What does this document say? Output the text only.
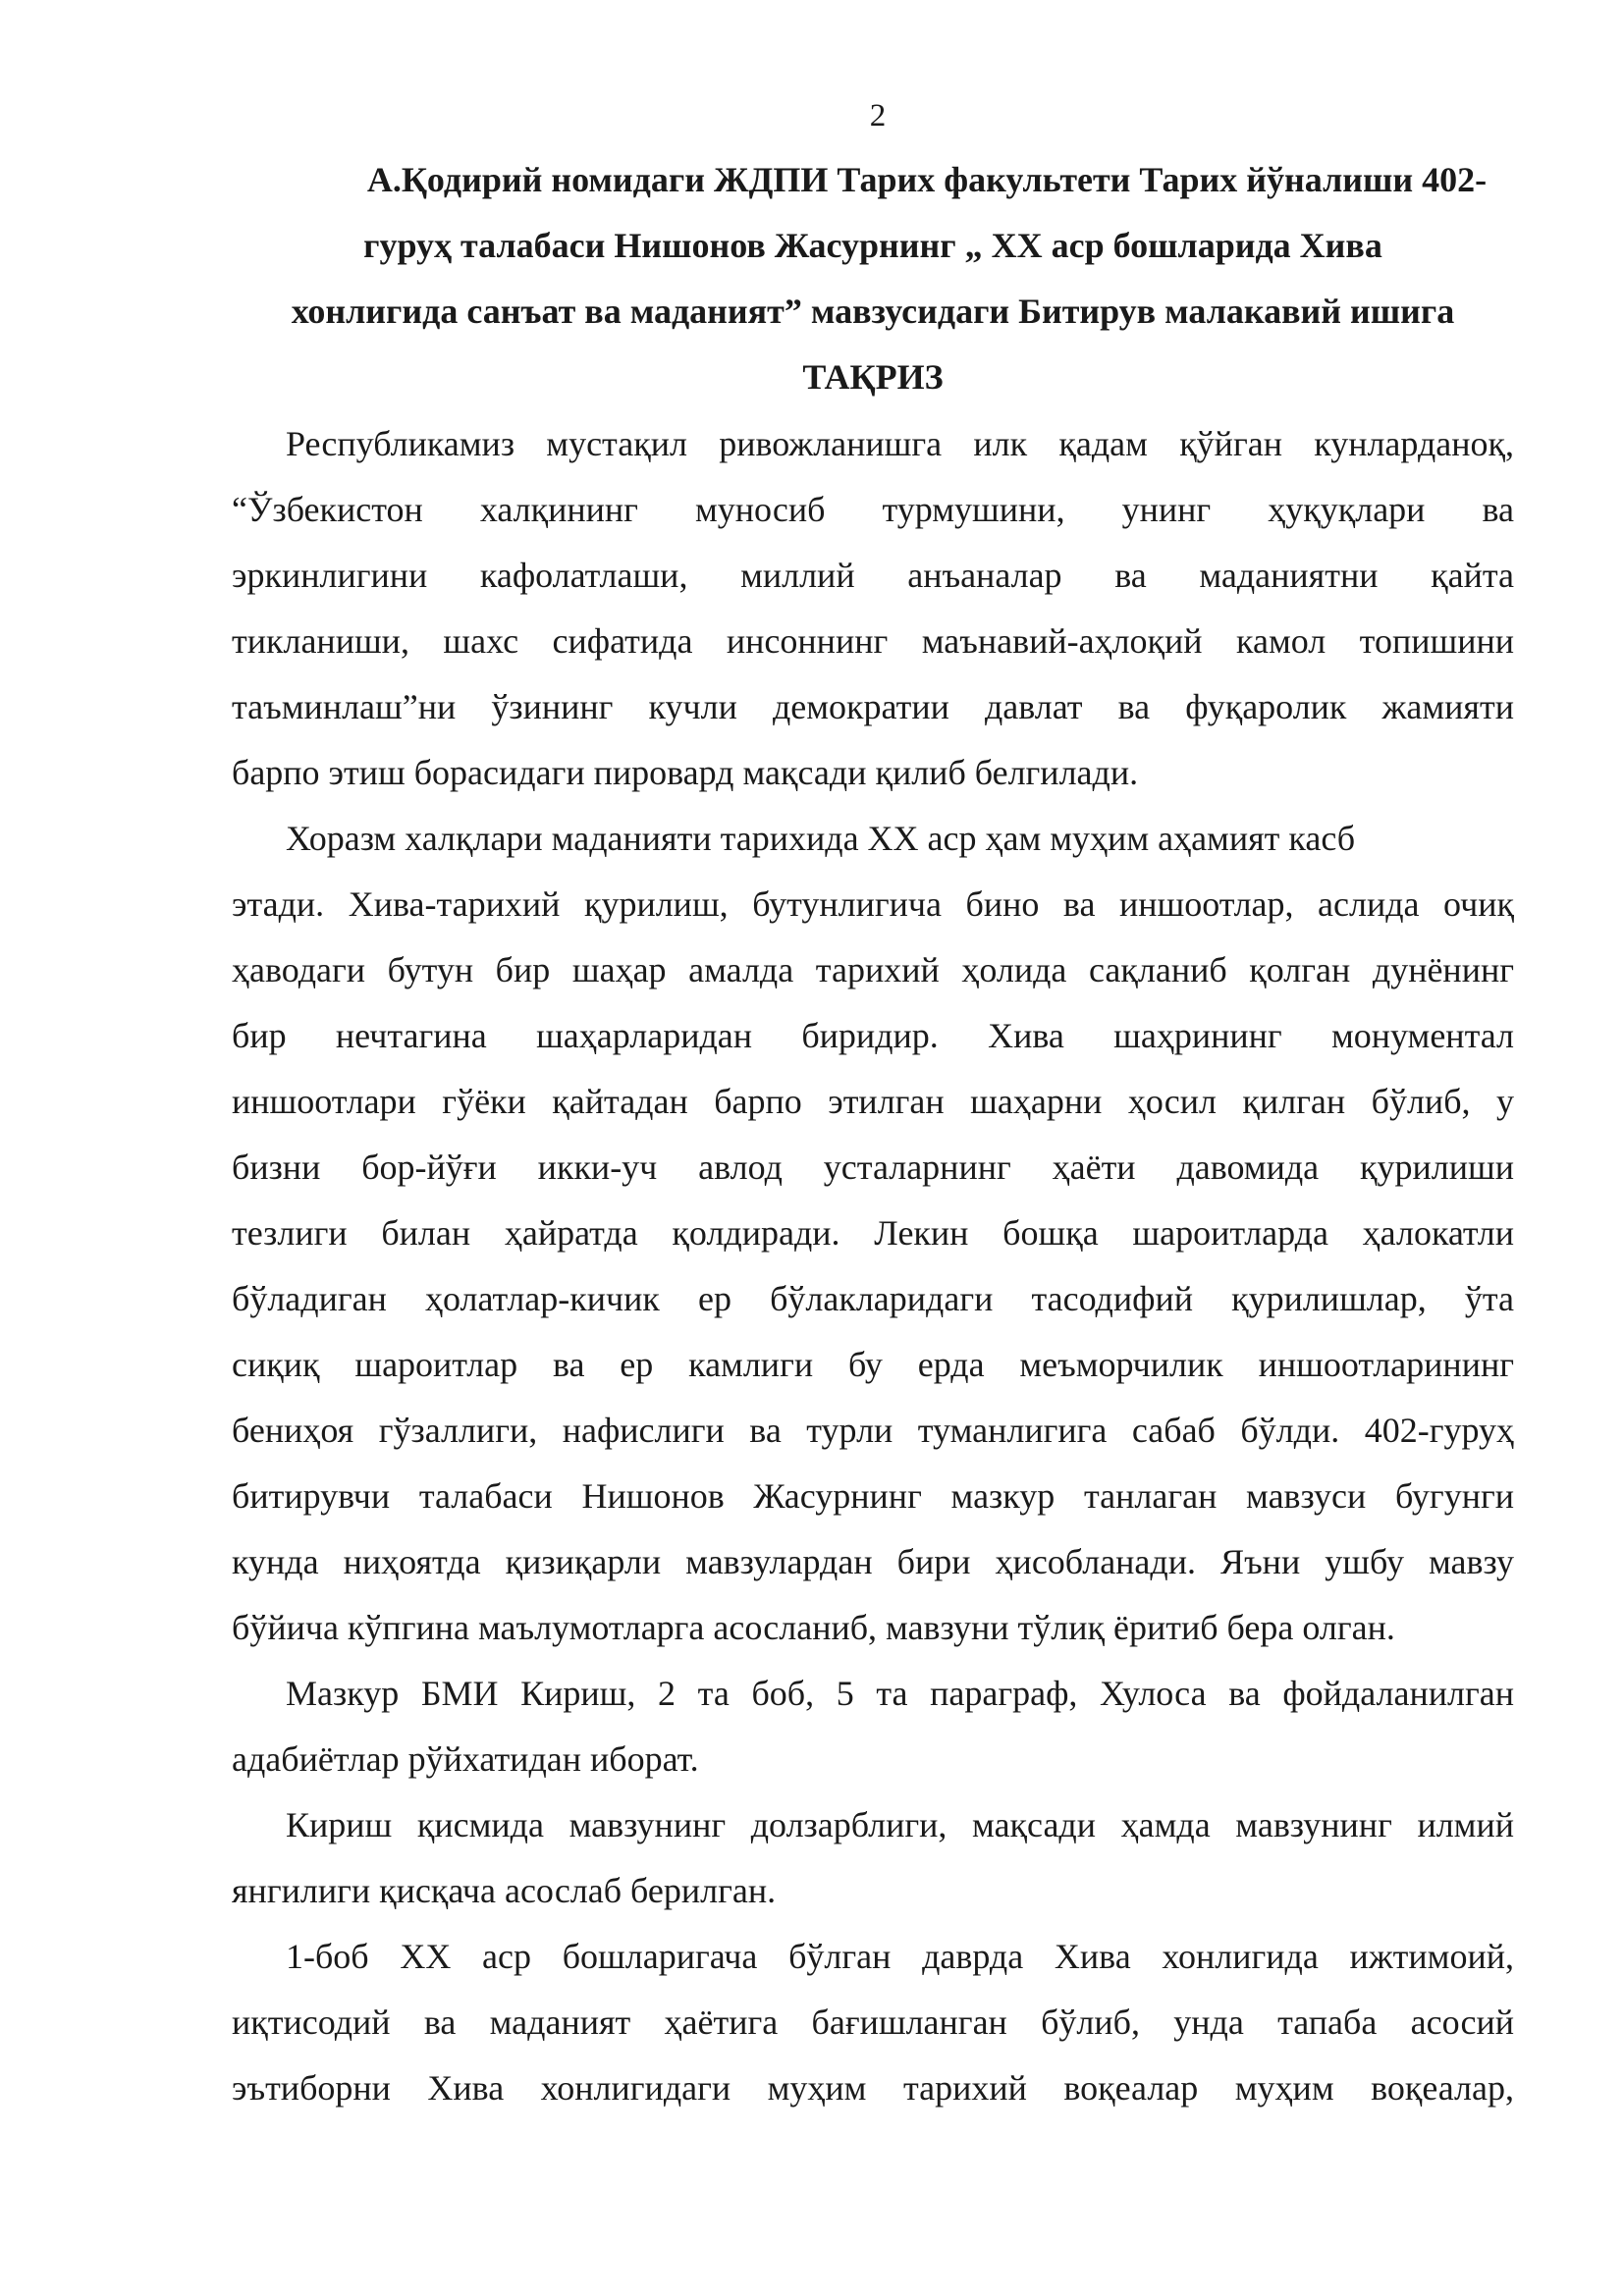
2
А.Қодирий номидаги ЖДПИ Тарих факультети Тарих йўналиши 402-
гуруҳ талабаси Нишонов Жасурнинг „ ХХ аср бошларида Хива
хонлигида санъат ва маданият” мавзусидаги Битирув малакавий ишига
ТАҚРИЗ
Республикамиз мустақил ривожланишга илк қадам қўйган кунларданоқ,
“Ўзбекистон халқининг муносиб турмушини, унинг ҳуқуқлари ва
эркинлигини кафолатлаши, миллий анъаналар ва маданиятни қайта
тикланиши, шахс сифатида инсоннинг маънавий-аҳлоқий камол топишини
таъминлаш”ни ўзининг кучли демократии давлат ва фуқаролик жамияти
барпо этиш борасидаги пировард мақсади қилиб белгилади.
Хоразм халқлари маданияти тарихида ХХ аср ҳам муҳим аҳамият касб
этади. Хива-тарихий қурилиш, бутунлигича бино ва иншоотлар, аслида очиқ
ҳаводаги бутун бир шаҳар амалда тарихий ҳолида сақланиб қолган дунёнинг
бир нечтагина шаҳарларидан биридир. Хива шаҳрининг монументал
иншоотлари гўёки қайтадан барпо этилган шаҳарни ҳосил қилган бўлиб, у
бизни бор-йўғи икки-уч авлод усталарнинг ҳаёти давомида қурилиши
тезлиги билан ҳайратда қолдиради. Лекин бошқа шароитларда ҳалокатли
бўладиган ҳолатлар-кичик ер бўлакларидаги тасодифий қурилишлар, ўта
сиқиқ шароитлар ва ер камлиги бу ерда меъморчилик иншоотларининг
бениҳоя гўзаллиги, нафислиги ва турли туманлигига сабаб бўлди. 402-гуруҳ
битирувчи талабаси Нишонов Жасурнинг мазкур танлаган мавзуси бугунги
кунда ниҳоятда қизиқарли мавзулардан бири ҳисобланади. Яъни ушбу мавзу
бўйича кўпгина маълумотларга асосланиб, мавзуни тўлиқ ёритиб бера олган.
Мазкур БМИ Кириш, 2 та боб, 5 та параграф, Хулоса ва фойдаланилган
адабиётлар рўйхатидан иборат.
Кириш қисмида мавзунинг долзарблиги, мақсади ҳамда мавзунинг илмий
янгилиги қисқача асослаб берилган.
1-боб ХХ аср бошларигача бўлган даврда Хива хонлигида ижтимоий,
иқтисодий ва маданият ҳаётига бағишланган бўлиб, унда тапаба асосий
эътиборни Хива хонлигидаги муҳим тарихий воқеалар муҳим воқеалар,
